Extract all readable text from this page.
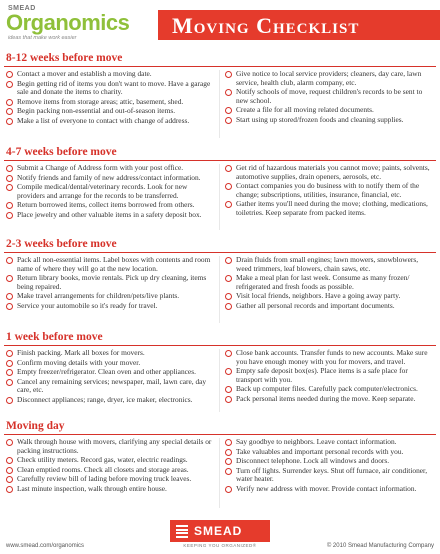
SMEAD
Organomics
ideas that make work easier	Moving Checklist
8-12 weeks before move
Contact a mover and establish a moving date.
Begin getting rid of items you don't want to move. Have a garage sale and donate the items to charity.
Remove items from storage areas; attic, basement, shed.
Begin packing non-essential and out-of-season items.
Make a list of everyone to contact with change of address.
Give notice to local service providers; cleaners, day care, lawn service, health club, alarm company, etc.
Notify schools of move, request children's records to be sent to new school.
Create a file for all moving related documents.
Start using up stored/frozen foods and cleaning supplies.
4-7 weeks before move
Submit a Change of Address form with your post office.
Notify friends and family of new address/contact information.
Compile medical/dental/veterinary records. Look for new providers and arrange for the records to be transferred.
Return borrowed items, collect items borrowed from others.
Place jewelry and other valuable items in a safety deposit box.
Get rid of hazardous materials you cannot move; paints, solvents, automotive supplies, drain openers, aerosols, etc.
Contact companies you do business with to notify them of the change; subscriptions, utilities, insurance, financial, etc.
Gather items you'll need during the move; clothing, medications, toiletries. Keep separate from packed items.
2-3 weeks before move
Pack all non-essential items. Label boxes with contents and room name of where they will go at the new location.
Return library books, movie rentals. Pick up dry cleaning, items being repaired.
Make travel arrangements for children/pets/live plants.
Service your automobile so it's ready for travel.
Drain fluids from small engines; lawn mowers, snowblowers, weed trimmers, leaf blowers, chain saws, etc.
Make a meal plan for last week. Consume as many frozen/ refrigerated and fresh foods as possible.
Visit local friends, neighbors. Have a going away party.
Gather all personal records and important documents.
1 week before move
Finish packing. Mark all boxes for movers.
Confirm moving details with your mover.
Empty freezer/refrigerator. Clean oven and other appliances.
Cancel any remaining services; newspaper, mail, lawn care, day care, etc.
Disconnect appliances; range, dryer, ice maker, electronics.
Close bank accounts. Transfer funds to new accounts. Make sure you have enough money with you for movers, and travel.
Empty safe deposit box(es). Place items is a safe place for transport with you.
Back up computer files. Carefully pack computer/electronics.
Pack personal items needed during the move. Keep separate.
Moving day
Walk through house with movers, clarifying any special details or packing instructions.
Check utility meters. Record gas, water, electric readings.
Clean emptied rooms. Check all closets and storage areas.
Carefully review bill of lading before moving truck leaves.
Last minute inspection, walk through entire house.
Say goodbye to neighbors. Leave contact information.
Take valuables and important personal records with you.
Disconnect telephone. Lock all windows and doors.
Turn off lights. Surrender keys. Shut off furnace, air conditioner, water heater.
Verify new address with mover. Provide contact information.
www.smead.com/organomics
SMEAD
KEEPING YOU ORGANIZED®	© 2010 Smead Manufacturing Company
